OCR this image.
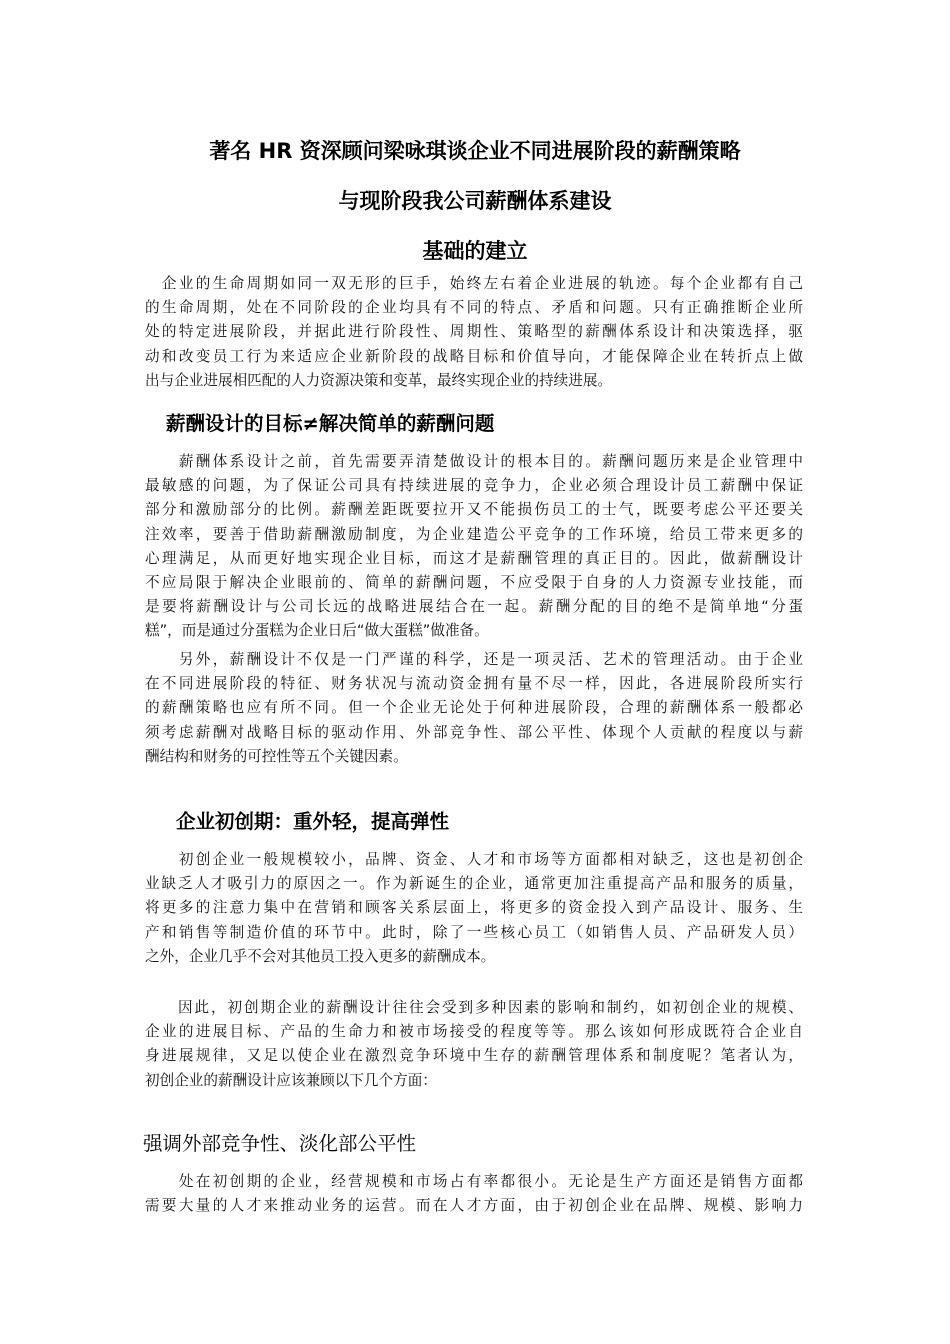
著名 HR 资深顾问梁咏琪谈企业不同进展阶段的薪酬策略
与现阶段我公司薪酬体系建设
基础的建立
　企业的生命周期如同一双无形的巨手，始终左右着企业进展的轨迹。每个企业都有自己
的生命周期，处在不同阶段的企业均具有不同的特点、矛盾和问题。只有正确推断企业所
处的特定进展阶段，并据此进行阶段性、周期性、策略型的薪酬体系设计和决策选择，驱
动和改变员工行为来适应企业新阶段的战略目标和价值导向，才能保障企业在转折点上做
出与企业进展相匹配的人力资源决策和变革，最终实现企业的持续进展。
薪酬设计的目标≠解决简单的薪酬问题
　　薪酬体系设计之前，首先需要弄清楚做设计的根本目的。薪酬问题历来是企业管理中
最敏感的问题，为了保证公司具有持续进展的竞争力，企业必须合理设计员工薪酬中保证
部分和激励部分的比例。薪酬差距既要拉开又不能损伤员工的士气，既要考虑公平还要关
注效率，要善于借助薪酬激励制度，为企业建造公平竞争的工作环境，给员工带来更多的
心理满足，从而更好地实现企业目标，而这才是薪酬管理的真正目的。因此，做薪酬设计
不应局限于解决企业眼前的、简单的薪酬问题，不应受限于自身的人力资源专业技能，而
是要将薪酬设计与公司长远的战略进展结合在一起。薪酬分配的目的绝不是简单地“分蛋
糕”，而是通过分蛋糕为企业日后“做大蛋糕”做准备。
　　另外，薪酬设计不仅是一门严谨的科学，还是一项灵活、艺术的管理活动。由于企业
在不同进展阶段的特征、财务状况与流动资金拥有量不尽一样，因此，各进展阶段所实行
的薪酬策略也应有所不同。但一个企业无论处于何种进展阶段，合理的薪酬体系一般都必
须考虑薪酬对战略目标的驱动作用、外部竞争性、部公平性、体现个人贡献的程度以与薪
酬结构和财务的可控性等五个关键因素。
企业初创期：重外轻，提高弹性
　　初创企业一般规模较小，品牌、资金、人才和市场等方面都相对缺乏，这也是初创企
业缺乏人才吸引力的原因之一。作为新诞生的企业，通常更加注重提高产品和服务的质量，
将更多的注意力集中在营销和顾客关系层面上，将更多的资金投入到产品设计、服务、生
产和销售等制造价值的环节中。此时，除了一些核心员工（如销售人员、产品研发人员）
之外，企业几乎不会对其他员工投入更多的薪酬成本。
　　因此，初创期企业的薪酬设计往往会受到多种因素的影响和制约，如初创企业的规模、
企业的进展目标、产品的生命力和被市场接受的程度等等。那么该如何形成既符合企业自
身进展规律，又足以使企业在激烈竞争环境中生存的薪酬管理体系和制度呢？笔者认为，
初创企业的薪酬设计应该兼顾以下几个方面：
强调外部竞争性、淡化部公平性
　　处在初创期的企业，经营规模和市场占有率都很小。无论是生产方面还是销售方面都
需要大量的人才来推动业务的运营。而在人才方面，由于初创企业在品牌、规模、影响力
